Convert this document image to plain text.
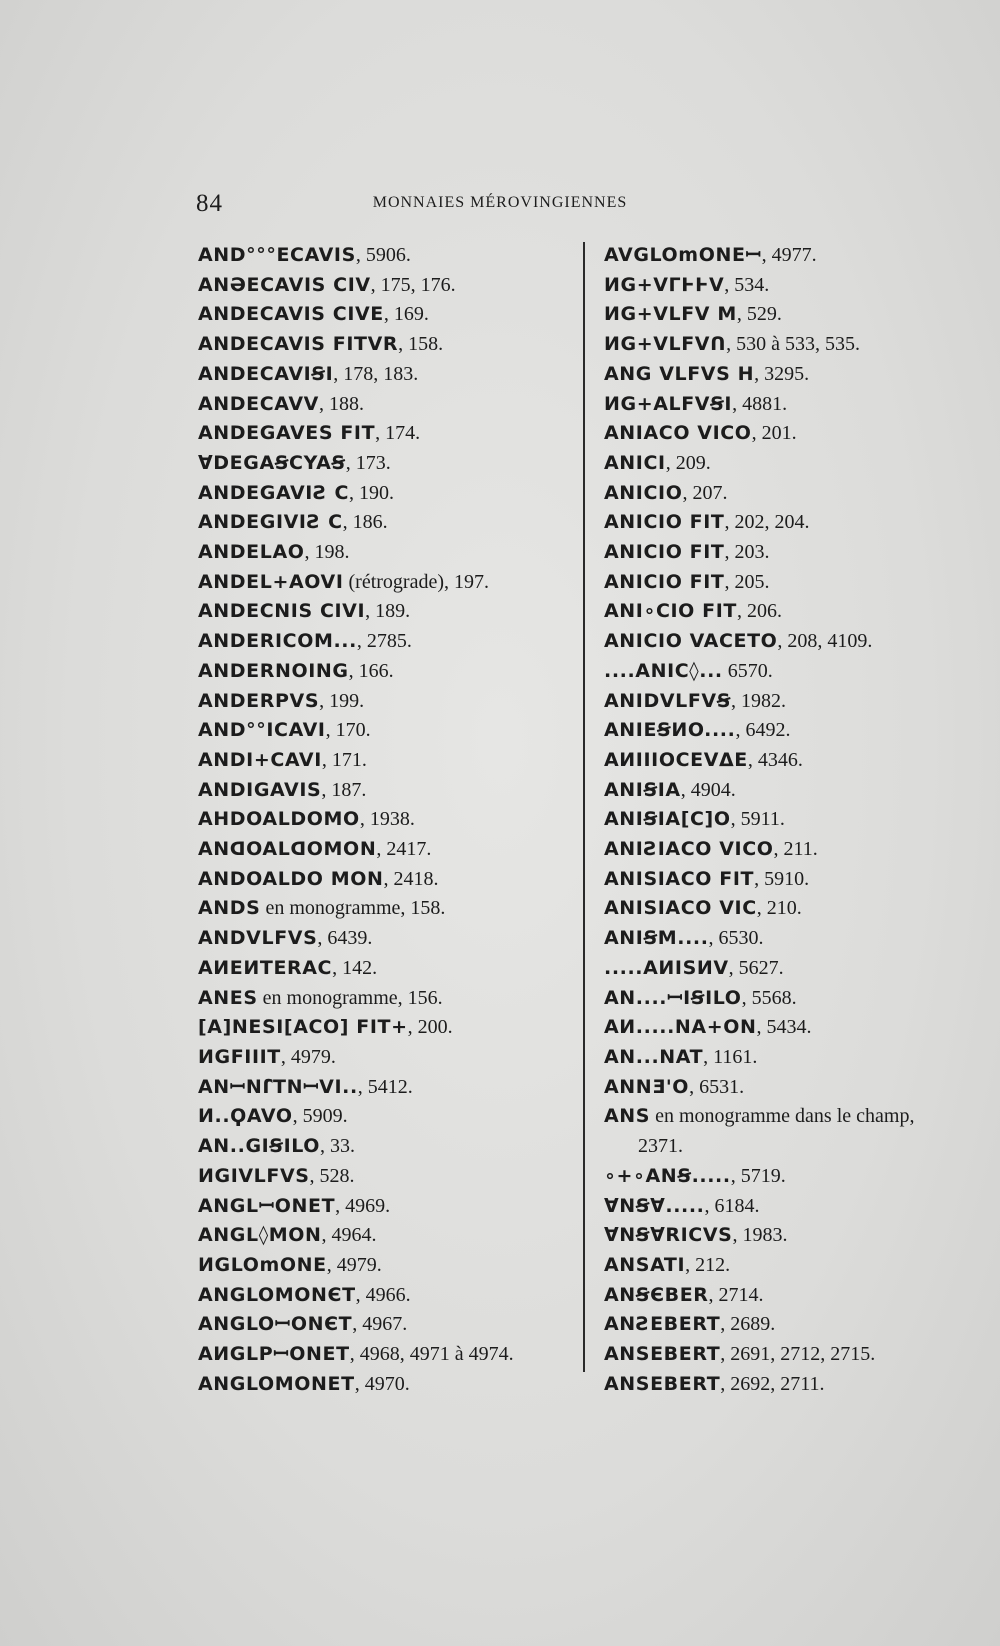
84	MONNAIES MÉROVINGIENNES
AND°°°ECAVIS, 5906.
ANƏECAVIS CIV, 175, 176.
ANDECAVIS CIVE, 169.
ANDECAVIS FITVR, 158.
ANDECAVIꞨI, 178, 183.
ANDECAVV, 188.
ANDEGAVES FIT, 174.
ꓯDEGAꞨCYAꞨ, 173.
ANDEGAVIƧ C, 190.
ANDEGIVIƧ C, 186.
ANDELAO, 198.
ANDEL+AOVI (rétrograde), 197.
ANDECNIS CIVI, 189.
ANDERICOM..., 2785.
ANDERNOING, 166.
ANDERPVS, 199.
AND°°ICAVI, 170.
ANDI+CAVI, 171.
ANDIGAVIS, 187.
AHDOALDOMO, 1938.
ANᗡOALᗡOMON, 2417.
ANDOALDO MON, 2418.
ANDS en monogramme, 158.
ANDVLFVS, 6439.
AИEИTERAC, 142.
ANES en monogramme, 156.
[A]NESI[ACO] FIT+, 200.
ИGFIIIT, 4979.
ANꟷNꓩTNꟷVI.., 5412.
И..ϘAVO, 5909.
AN..GIꞨILO, 33.
ИGIVLFVS, 528.
ANGLꟷONET, 4969.
ANGL◊MON, 4964.
ИGLOmONE, 4979.
ANGLOMONЄT, 4966.
ANGLOꟷONЄT, 4967.
AИGLPꟷONET, 4968, 4971 à 4974.
ANGLOMONET, 4970.
AVGLOmONEꟷ, 4977.
ИG+VΓͰͰV, 534.
ИG+VLFV M, 529.
ИG+VLFVᑎ, 530 à 533, 535.
ANG VLFVS H, 3295.
ИG+ALFVꞨI, 4881.
ANIACO VICO, 201.
ANICI, 209.
ANICIO, 207.
ANICIO FIT, 202, 204.
ANICIO FIT, 203.
ANICIO FIT, 205.
ANI∘CIO FIT, 206.
ANICIO VACETO, 208, 4109.
....ANIC◊... 6570.
ANIDVLFVꞨ, 1982.
ANIEꞨИO...., 6492.
AИIIIOCEVΔE, 4346.
ANIꞨIA, 4904.
ANIꞨIA[C]O, 5911.
ANIƧIACO VICO, 211.
ANISIACO FIT, 5910.
ANISIACO VIC, 210.
ANIꞨM...., 6530.
.....AИISИV, 5627.
AN....ꟷIꞨILO, 5568.
AИ.....NA+ON, 5434.
AN...NAT, 1161.
ANNƎ'O, 6531.
ANS en monogramme dans le champ,
2371.
∘+∘ANꞨ....., 5719.
ꓯNꞨꓯ....., 6184.
ꓯNꞨꓯRICVS, 1983.
ANSATI, 212.
ANꞨЄBER, 2714.
ANƧEBERT, 2689.
ANSEBERT, 2691, 2712, 2715.
ANSEBERT, 2692, 2711.
